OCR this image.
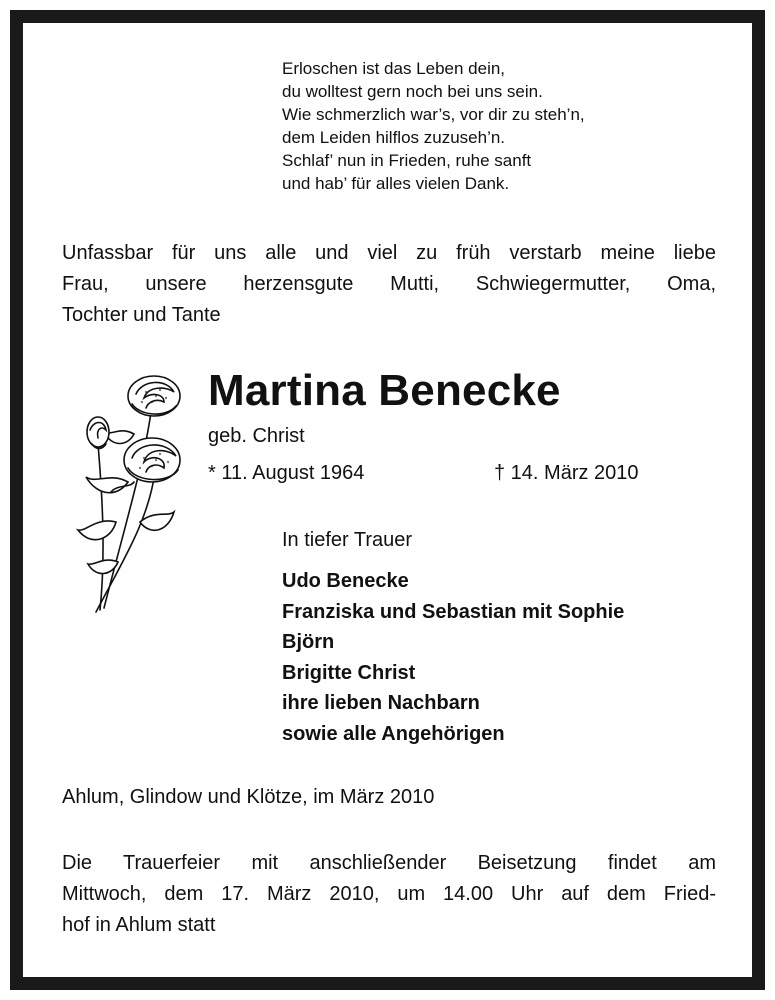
Erloschen ist das Leben dein,
du wolltest gern noch bei uns sein.
Wie schmerzlich war’s, vor dir zu steh’n,
dem Leiden hilflos zuzuseh’n.
Schlaf’ nun in Frieden, ruhe sanft
und hab’ für alles vielen Dank.
Unfassbar für uns alle und viel zu früh verstarb meine liebe
Frau, unsere herzensgute Mutti, Schwiegermutter, Oma,
Tochter und Tante
Martina Benecke
geb. Christ
* 11. August 1964	† 14. März 2010
In tiefer Trauer
Udo Benecke
Franziska und Sebastian mit Sophie
Björn
Brigitte Christ
ihre lieben Nachbarn
sowie alle Angehörigen
Ahlum, Glindow und Klötze, im März 2010
Die Trauerfeier mit anschließender Beisetzung findet am
Mittwoch, dem 17. März 2010, um 14.00 Uhr auf dem Fried-
hof in Ahlum statt
